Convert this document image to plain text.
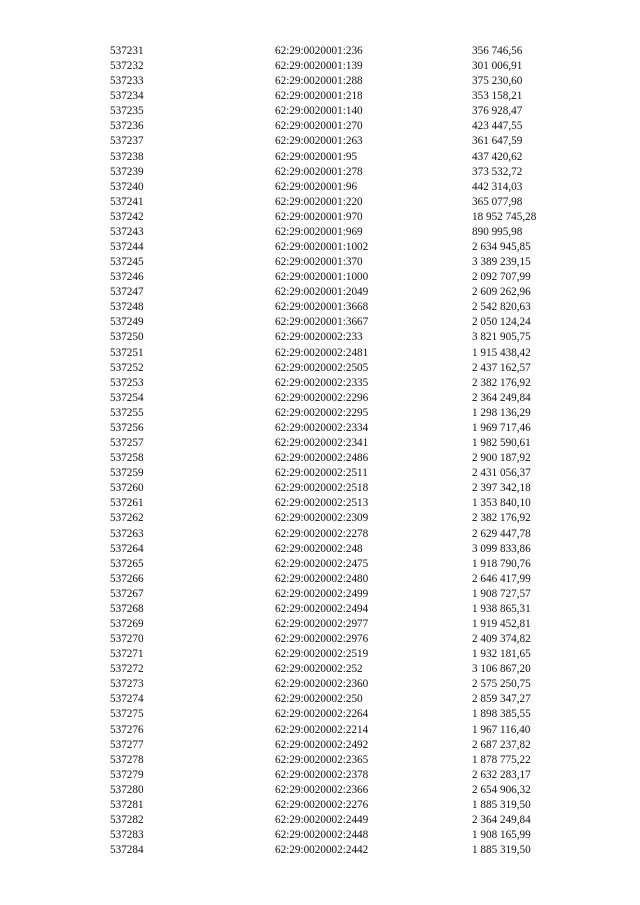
537231	62:29:0020001:236	356 746,56
537232	62:29:0020001:139	301 006,91
537233	62:29:0020001:288	375 230,60
537234	62:29:0020001:218	353 158,21
537235	62:29:0020001:140	376 928,47
537236	62:29:0020001:270	423 447,55
537237	62:29:0020001:263	361 647,59
537238	62:29:0020001:95	437 420,62
537239	62:29:0020001:278	373 532,72
537240	62:29:0020001:96	442 314,03
537241	62:29:0020001:220	365 077,98
537242	62:29:0020001:970	18 952 745,28
537243	62:29:0020001:969	890 995,98
537244	62:29:0020001:1002	2 634 945,85
537245	62:29:0020001:370	3 389 239,15
537246	62:29:0020001:1000	2 092 707,99
537247	62:29:0020001:2049	2 609 262,96
537248	62:29:0020001:3668	2 542 820,63
537249	62:29:0020001:3667	2 050 124,24
537250	62:29:0020002:233	3 821 905,75
537251	62:29:0020002:2481	1 915 438,42
537252	62:29:0020002:2505	2 437 162,57
537253	62:29:0020002:2335	2 382 176,92
537254	62:29:0020002:2296	2 364 249,84
537255	62:29:0020002:2295	1 298 136,29
537256	62:29:0020002:2334	1 969 717,46
537257	62:29:0020002:2341	1 982 590,61
537258	62:29:0020002:2486	2 900 187,92
537259	62:29:0020002:2511	2 431 056,37
537260	62:29:0020002:2518	2 397 342,18
537261	62:29:0020002:2513	1 353 840,10
537262	62:29:0020002:2309	2 382 176,92
537263	62:29:0020002:2278	2 629 447,78
537264	62:29:0020002:248	3 099 833,86
537265	62:29:0020002:2475	1 918 790,76
537266	62:29:0020002:2480	2 646 417,99
537267	62:29:0020002:2499	1 908 727,57
537268	62:29:0020002:2494	1 938 865,31
537269	62:29:0020002:2977	1 919 452,81
537270	62:29:0020002:2976	2 409 374,82
537271	62:29:0020002:2519	1 932 181,65
537272	62:29:0020002:252	3 106 867,20
537273	62:29:0020002:2360	2 575 250,75
537274	62:29:0020002:250	2 859 347,27
537275	62:29:0020002:2264	1 898 385,55
537276	62:29:0020002:2214	1 967 116,40
537277	62:29:0020002:2492	2 687 237,82
537278	62:29:0020002:2365	1 878 775,22
537279	62:29:0020002:2378	2 632 283,17
537280	62:29:0020002:2366	2 654 906,32
537281	62:29:0020002:2276	1 885 319,50
537282	62:29:0020002:2449	2 364 249,84
537283	62:29:0020002:2448	1 908 165,99
537284	62:29:0020002:2442	1 885 319,50
